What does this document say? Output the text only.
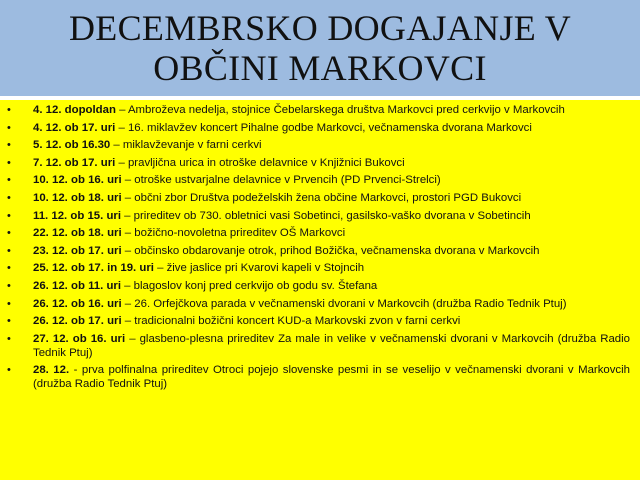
DECEMBRSKO DOGAJANJE V
OBČINI MARKOVCI
•	4. 12. dopoldan – Ambroževa nedelja, stojnice Čebelarskega društva Markovci pred cerkvijo v Markovcih
•	4. 12. ob 17. uri – 16. miklavžev koncert Pihalne godbe Markovci, večnamenska dvorana Markovci
•	5. 12. ob 16.30 – miklavževanje v farni cerkvi
•	7. 12. ob 17. uri – pravljična urica in otroške delavnice v Knjižnici Bukovci
•	10. 12. ob 16. uri – otroške ustvarjalne delavnice v Prvencih (PD Prvenci-Strelci)
•	10. 12. ob 18. uri – občni zbor Društva podeželskih žena občine Markovci, prostori PGD Bukovci
•	11. 12. ob 15. uri – prireditev ob 730. obletnici vasi Sobetinci, gasilsko-vaško dvorana v Sobetincih
•	22. 12. ob 18. uri – božično-novoletna prireditev OŠ Markovci
•	23. 12. ob 17. uri – občinsko obdarovanje otrok, prihod Božička, večnamenska dvorana v Markovcih
•	25. 12. ob 17. in 19. uri – žive jaslice pri Kvarovi kapeli v Stojncih
•	26. 12. ob 11. uri – blagoslov konj pred cerkvijo ob godu sv. Štefana
•	26. 12. ob 16. uri – 26. Orfejčkova parada v večnamenski dvorani v Markovcih (družba Radio Tednik Ptuj)
•	26. 12. ob 17. uri – tradicionalni božični koncert KUD-a Markovski zvon v farni cerkvi
•	27. 12. ob 16. uri – glasbeno-plesna prireditev Za male in velike v večnamenski dvorani v Markovcih (družba Radio Tednik Ptuj)
•	28. 12. - prva polfinalna prireditev Otroci pojejo slovenske pesmi in se veselijo v večnamenski dvorani v Markovcih (družba Radio Tednik Ptuj)
